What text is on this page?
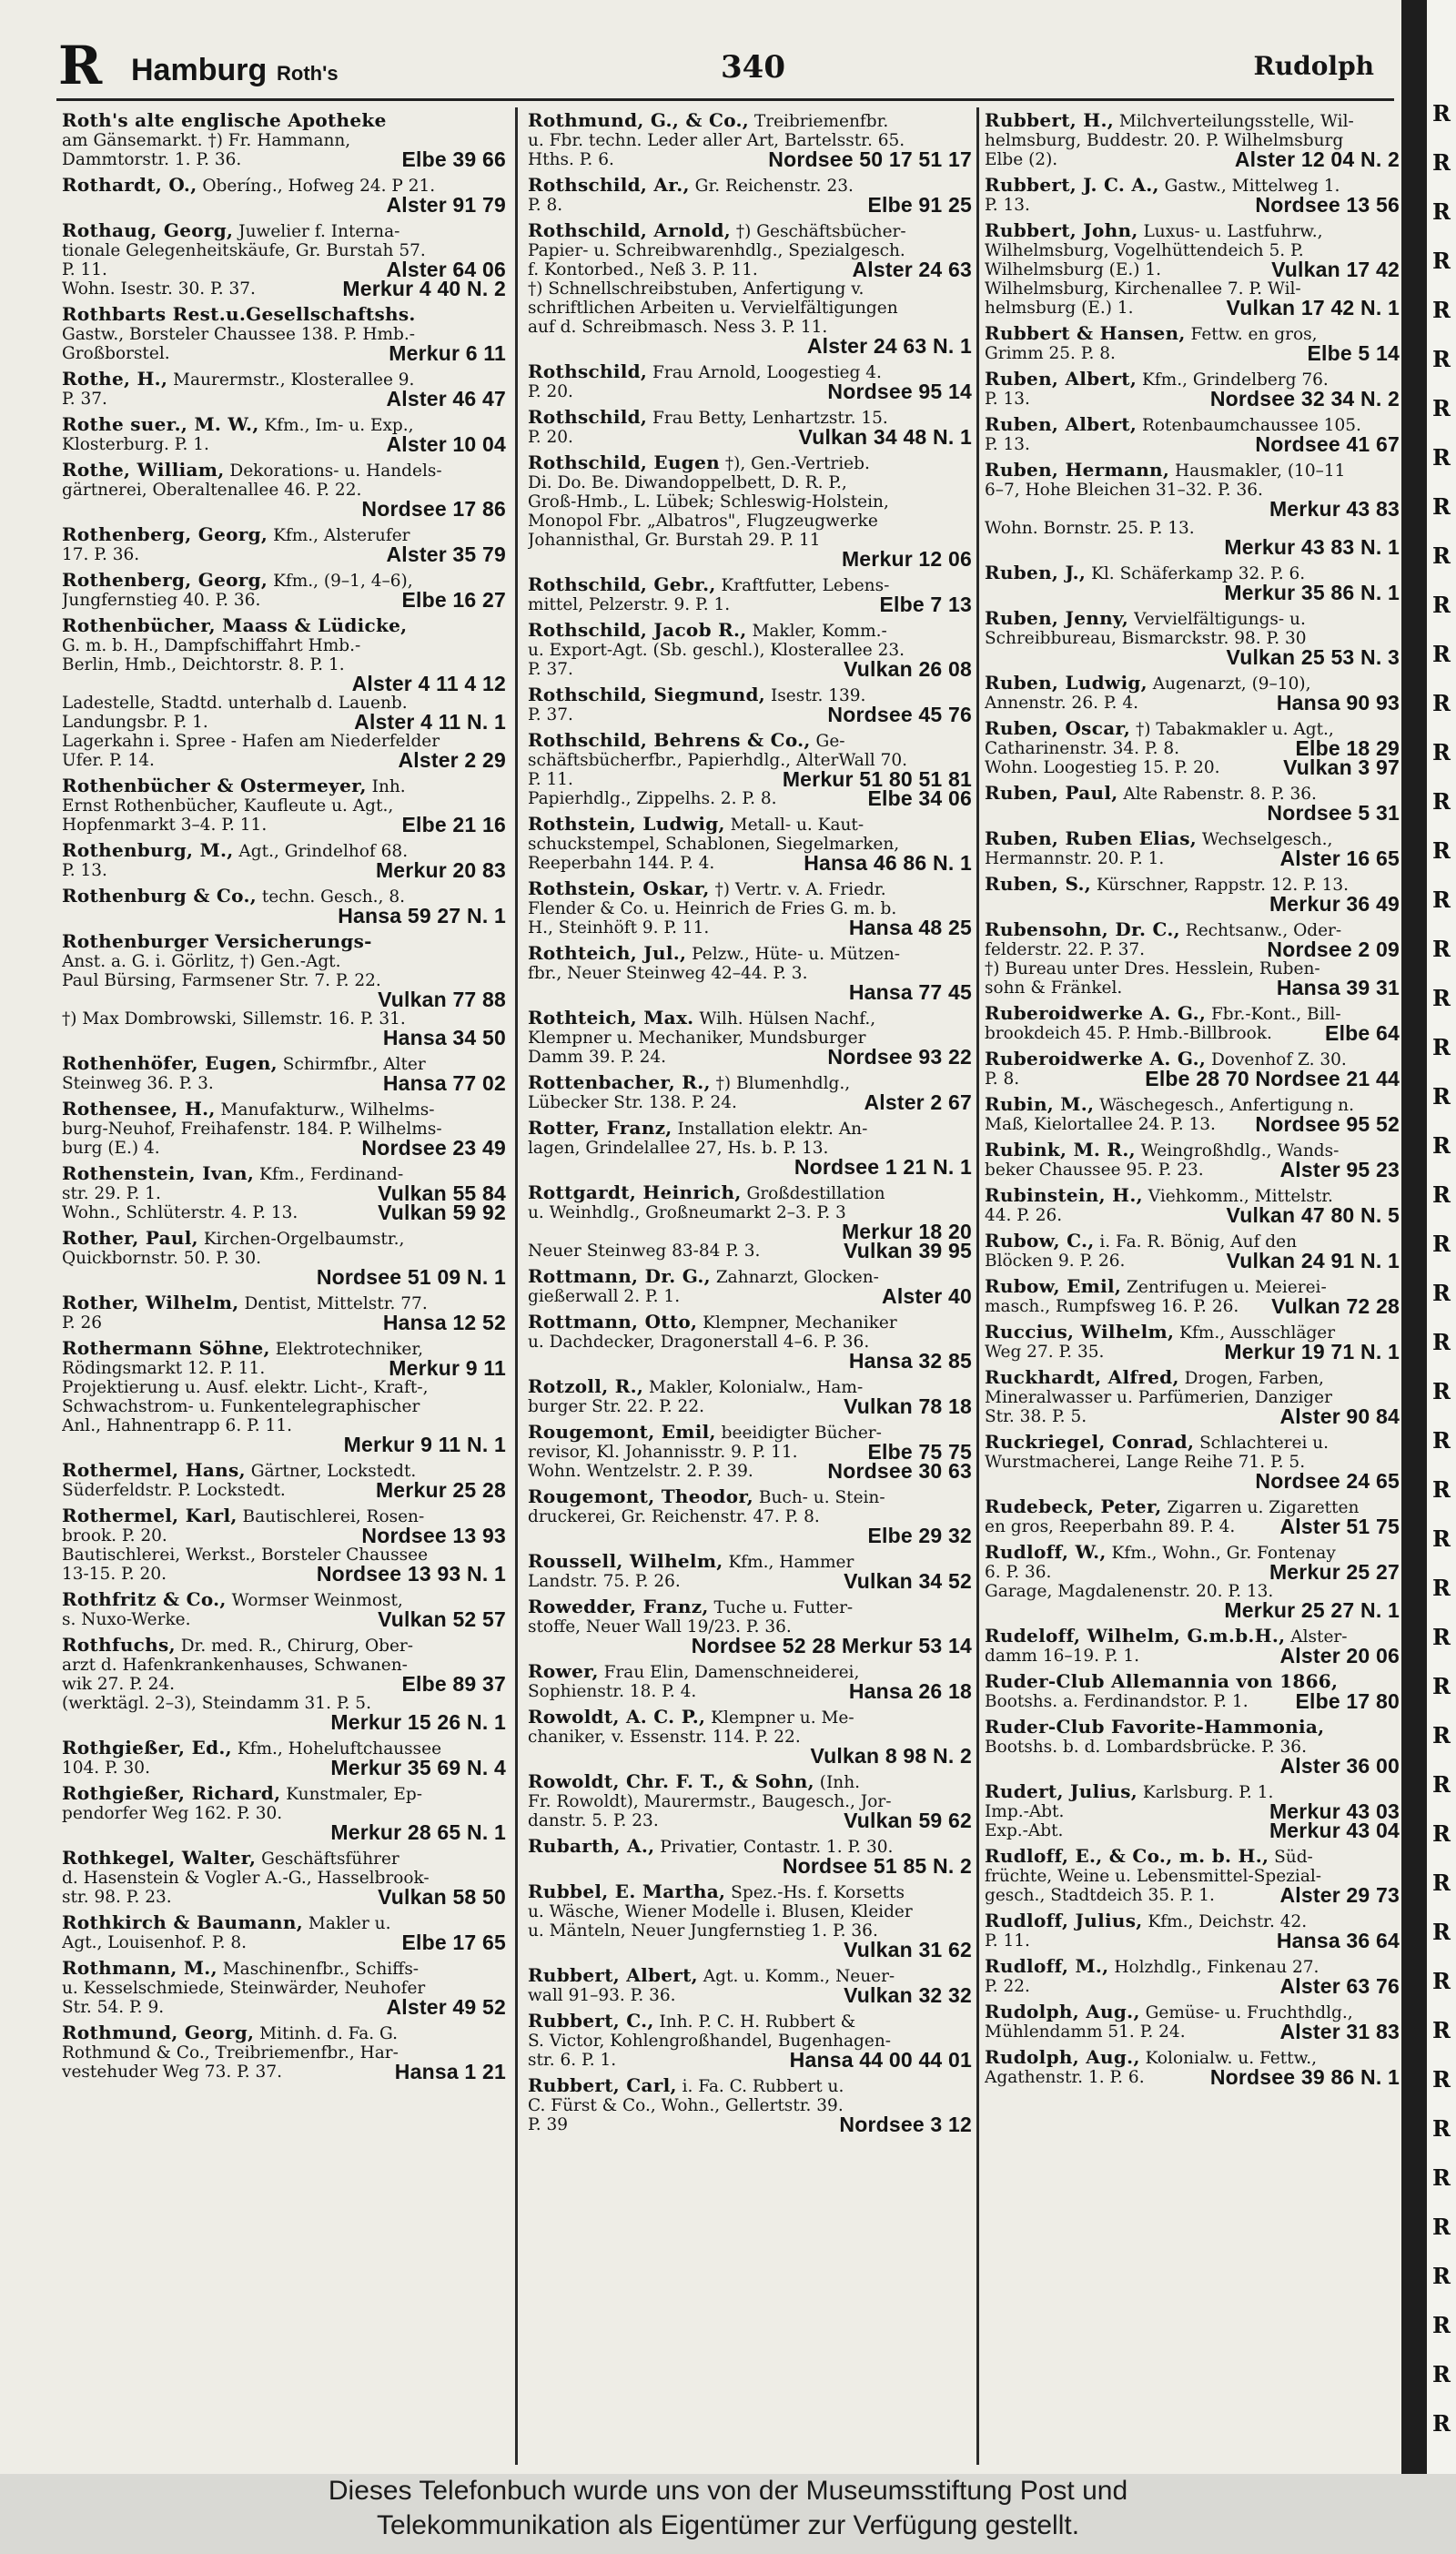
R Hamburg Roth's	340	Rudolph
Roth's alte englische Apotheke
am Gänsemarkt. †) Fr. Hammann,
Elbe 39 66
Dammtorstr. 1. P. 36.
Rothardt, O., Oberíng., Hofweg 24. P 21.
Alster 91 79
Rothaug, Georg, Juwelier f. Interna-
tionale Gelegenheitskäufe, Gr. Burstah 57.
Alster 64 06
P. 11.
Merkur 4 40 N. 2
Wohn. Isestr. 30. P. 37.
Rothbarts Rest.u.Gesellschaftshs.
Gastw., Borsteler Chaussee 138. P. Hmb.-
Merkur 6 11
Großborstel.
Rothe, H., Maurermstr., Klosterallee 9.
Alster 46 47
P. 37.
Rothe suer., M. W., Kfm., Im- u. Exp.,
Alster 10 04
Klosterburg. P. 1.
Rothe, William, Dekorations- u. Handels-
gärtnerei, Oberaltenallee 46. P. 22.
Nordsee 17 86
Rothenberg, Georg, Kfm., Alsterufer
Alster 35 79
17. P. 36.
Rothenberg, Georg, Kfm., (9–1, 4–6),
Elbe 16 27
Jungfernstieg 40. P. 36.
Rothenbücher, Maass & Lüdicke,
G. m. b. H., Dampfschiffahrt Hmb.-
Berlin, Hmb., Deichtorstr. 8. P. 1.
Alster 4 11 4 12
Ladestelle, Stadtd. unterhalb d. Lauenb.
Alster 4 11 N. 1
Landungsbr. P. 1.
Lagerkahn i. Spree - Hafen am Niederfelder
Alster 2 29
Ufer. P. 14.
Rothenbücher & Ostermeyer, Inh.
Ernst Rothenbücher, Kaufleute u. Agt.,
Elbe 21 16
Hopfenmarkt 3–4. P. 11.
Rothenburg, M., Agt., Grindelhof 68.
Merkur 20 83
P. 13.
Rothenburg & Co., techn. Gesch., 8.
Hansa 59 27 N. 1
Rothenburger Versicherungs-
Anst. a. G. i. Görlitz, †) Gen.-Agt.
Paul Bürsing, Farmsener Str. 7. P. 22.
Vulkan 77 88
†) Max Dombrowski, Sillemstr. 16. P. 31.
Hansa 34 50
Rothenhöfer, Eugen, Schirmfbr., Alter
Hansa 77 02
Steinweg 36. P. 3.
Rothensee, H., Manufakturw., Wilhelms-
burg-Neuhof, Freihafenstr. 184. P. Wilhelms-
Nordsee 23 49
burg (E.) 4.
Rothenstein, Ivan, Kfm., Ferdinand-
Vulkan 55 84
str. 29. P. 1.
Vulkan 59 92
Wohn., Schlüterstr. 4. P. 13.
Rother, Paul, Kirchen-Orgelbaumstr.,
Quickbornstr. 50. P. 30.
Nordsee 51 09 N. 1
Rother, Wilhelm, Dentist, Mittelstr. 77.
Hansa 12 52
P. 26
Rothermann Söhne, Elektrotechniker,
Merkur 9 11
Rödingsmarkt 12. P. 11.
Projektierung u. Ausf. elektr. Licht-, Kraft-,
Schwachstrom- u. Funkentelegraphischer
Anl., Hahnentrapp 6. P. 11.
Merkur 9 11 N. 1
Rothermel, Hans, Gärtner, Lockstedt.
Merkur 25 28
Süderfeldstr. P. Lockstedt.
Rothermel, Karl, Bautischlerei, Rosen-
Nordsee 13 93
brook. P. 20.
Bautischlerei, Werkst., Borsteler Chaussee
Nordsee 13 93 N. 1
13-15. P. 20.
Rothfritz & Co., Wormser Weinmost,
Vulkan 52 57
s. Nuxo-Werke.
Rothfuchs, Dr. med. R., Chirurg, Ober-
arzt d. Hafenkrankenhauses, Schwanen-
Elbe 89 37
wik 27. P. 24.
(werktägl. 2–3), Steindamm 31. P. 5.
Merkur 15 26 N. 1
Rothgießer, Ed., Kfm., Hoheluftchaussee
Merkur 35 69 N. 4
104. P. 30.
Rothgießer, Richard, Kunstmaler, Ep-
pendorfer Weg 162. P. 30.
Merkur 28 65 N. 1
Rothkegel, Walter, Geschäftsführer
d. Hasenstein & Vogler A.-G., Hasselbrook-
Vulkan 58 50
str. 98. P. 23.
Rothkirch & Baumann, Makler u.
Elbe 17 65
Agt., Louisenhof. P. 8.
Rothmann, M., Maschinenfbr., Schiffs-
u. Kesselschmiede, Steinwärder, Neuhofer
Alster 49 52
Str. 54. P. 9.
Rothmund, Georg, Mitinh. d. Fa. G.
Rothmund & Co., Treibriemenfbr., Har-
Hansa 1 21
vestehuder Weg 73. P. 37.
Rothmund, G., & Co., Treibriemenfbr.
u. Fbr. techn. Leder aller Art, Bartelsstr. 65.
Nordsee 50 17 51 17
Hths. P. 6.
Rothschild, Ar., Gr. Reichenstr. 23.
Elbe 91 25
P. 8.
Rothschild, Arnold, †) Geschäftsbücher-
Papier- u. Schreibwarenhdlg., Spezialgesch.
Alster 24 63
f. Kontorbed., Neß 3. P. 11.
†) Schnellschreibstuben, Anfertigung v.
schriftlichen Arbeiten u. Vervielfältigungen
auf d. Schreibmasch. Ness 3. P. 11.
Alster 24 63 N. 1
Rothschild, Frau Arnold, Loogestieg 4.
Nordsee 95 14
P. 20.
Rothschild, Frau Betty, Lenhartzstr. 15.
Vulkan 34 48 N. 1
P. 20.
Rothschild, Eugen †), Gen.-Vertrieb.
Di. Do. Be. Diwandoppelbett, D. R. P.,
Groß-Hmb., L. Lübek; Schleswig-Holstein,
Monopol Fbr. „Albatros", Flugzeugwerke
Johannisthal, Gr. Burstah 29. P. 11
Merkur 12 06
Rothschild, Gebr., Kraftfutter, Lebens-
Elbe 7 13
mittel, Pelzerstr. 9. P. 1.
Rothschild, Jacob R., Makler, Komm.-
u. Export-Agt. (Sb. geschl.), Klosterallee 23.
Vulkan 26 08
P. 37.
Rothschild, Siegmund, Isestr. 139.
Nordsee 45 76
P. 37.
Rothschild, Behrens & Co., Ge-
schäftsbücherfbr., Papierhdlg., AlterWall 70.
Merkur 51 80 51 81
P. 11.
Elbe 34 06
Papierhdlg., Zippelhs. 2. P. 8.
Rothstein, Ludwig, Metall- u. Kaut-
schuckstempel, Schablonen, Siegelmarken,
Hansa 46 86 N. 1
Reeperbahn 144. P. 4.
Rothstein, Oskar, †) Vertr. v. A. Friedr.
Flender & Co. u. Heinrich de Fries G. m. b.
Hansa 48 25
H., Steinhöft 9. P. 11.
Rothteich, Jul., Pelzw., Hüte- u. Mützen-
fbr., Neuer Steinweg 42–44. P. 3.
Hansa 77 45
Rothteich, Max. Wilh. Hülsen Nachf.,
Klempner u. Mechaniker, Mundsburger
Nordsee 93 22
Damm 39. P. 24.
Rottenbacher, R., †) Blumenhdlg.,
Alster 2 67
Lübecker Str. 138. P. 24.
Rotter, Franz, Installation elektr. An-
lagen, Grindelallee 27, Hs. b. P. 13.
Nordsee 1 21 N. 1
Rottgardt, Heinrich, Großdestillation
u. Weinhdlg., Großneumarkt 2–3. P. 3
Merkur 18 20
Vulkan 39 95
Neuer Steinweg 83-84 P. 3.
Rottmann, Dr. G., Zahnarzt, Glocken-
Alster 40
gießerwall 2. P. 1.
Rottmann, Otto, Klempner, Mechaniker
u. Dachdecker, Dragonerstall 4–6. P. 36.
Hansa 32 85
Rotzoll, R., Makler, Kolonialw., Ham-
Vulkan 78 18
burger Str. 22. P. 22.
Rougemont, Emil, beeidigter Bücher-
Elbe 75 75
revisor, Kl. Johannisstr. 9. P. 11.
Nordsee 30 63
Wohn. Wentzelstr. 2. P. 39.
Rougemont, Theodor, Buch- u. Stein-
druckerei, Gr. Reichenstr. 47. P. 8.
Elbe 29 32
Roussell, Wilhelm, Kfm., Hammer
Vulkan 34 52
Landstr. 75. P. 26.
Rowedder, Franz, Tuche u. Futter-
stoffe, Neuer Wall 19/23. P. 36.
Nordsee 52 28 Merkur 53 14
Rower, Frau Elin, Damenschneiderei,
Hansa 26 18
Sophienstr. 18. P. 4.
Rowoldt, A. C. P., Klempner u. Me-
chaniker, v. Essenstr. 114. P. 22.
Vulkan 8 98 N. 2
Rowoldt, Chr. F. T., & Sohn, (Inh.
Fr. Rowoldt), Maurermstr., Baugesch., Jor-
Vulkan 59 62
danstr. 5. P. 23.
Rubarth, A., Privatier, Contastr. 1. P. 30.
Nordsee 51 85 N. 2
Rubbel, E. Martha, Spez.-Hs. f. Korsetts
u. Wäsche, Wiener Modelle i. Blusen, Kleider
u. Mänteln, Neuer Jungfernstieg 1. P. 36.
Vulkan 31 62
Rubbert, Albert, Agt. u. Komm., Neuer-
Vulkan 32 32
wall 91–93. P. 36.
Rubbert, C., Inh. P. C. H. Rubbert &
S. Victor, Kohlengroßhandel, Bugenhagen-
Hansa 44 00 44 01
str. 6. P. 1.
Rubbert, Carl, i. Fa. C. Rubbert u.
C. Fürst & Co., Wohn., Gellertstr. 39.
Nordsee 3 12
P. 39
Rubbert, H., Milchverteilungsstelle, Wil-
helmsburg, Buddestr. 20. P. Wilhelmsburg
Alster 12 04 N. 2
Elbe (2).
Rubbert, J. C. A., Gastw., Mittelweg 1.
Nordsee 13 56
P. 13.
Rubbert, John, Luxus- u. Lastfuhrw.,
Wilhelmsburg, Vogelhüttendeich 5. P.
Vulkan 17 42
Wilhelmsburg (E.) 1.
Wilhelmsburg, Kirchenallee 7. P. Wil-
Vulkan 17 42 N. 1
helmsburg (E.) 1.
Rubbert & Hansen, Fettw. en gros,
Elbe 5 14
Grimm 25. P. 8.
Ruben, Albert, Kfm., Grindelberg 76.
Nordsee 32 34 N. 2
P. 13.
Ruben, Albert, Rotenbaumchaussee 105.
Nordsee 41 67
P. 13.
Ruben, Hermann, Hausmakler, (10–11
6–7, Hohe Bleichen 31–32. P. 36.
Merkur 43 83
Wohn. Bornstr. 25. P. 13.
Merkur 43 83 N. 1
Ruben, J., Kl. Schäferkamp 32. P. 6.
Merkur 35 86 N. 1
Ruben, Jenny, Vervielfältigungs- u.
Schreibbureau, Bismarckstr. 98. P. 30
Vulkan 25 53 N. 3
Ruben, Ludwig, Augenarzt, (9–10),
Hansa 90 93
Annenstr. 26. P. 4.
Ruben, Oscar, †) Tabakmakler u. Agt.,
Elbe 18 29
Catharinenstr. 34. P. 8.
Vulkan 3 97
Wohn. Loogestieg 15. P. 20.
Ruben, Paul, Alte Rabenstr. 8. P. 36.
Nordsee 5 31
Ruben, Ruben Elias, Wechselgesch.,
Alster 16 65
Hermannstr. 20. P. 1.
Ruben, S., Kürschner, Rappstr. 12. P. 13.
Merkur 36 49
Rubensohn, Dr. C., Rechtsanw., Oder-
Nordsee 2 09
felderstr. 22. P. 37.
†) Bureau unter Dres. Hesslein, Ruben-
Hansa 39 31
sohn & Fränkel.
Ruberoidwerke A. G., Fbr.-Kont., Bill-
Elbe 64
brookdeich 45. P. Hmb.-Billbrook.
Ruberoidwerke A. G., Dovenhof Z. 30.
Elbe 28 70 Nordsee 21 44
P. 8.
Rubin, M., Wäschegesch., Anfertigung n.
Nordsee 95 52
Maß, Kielortallee 24. P. 13.
Rubink, M. R., Weingroßhdlg., Wands-
Alster 95 23
beker Chaussee 95. P. 23.
Rubinstein, H., Viehkomm., Mittelstr.
Vulkan 47 80 N. 5
44. P. 26.
Rubow, C., i. Fa. R. Bönig, Auf den
Vulkan 24 91 N. 1
Blöcken 9. P. 26.
Rubow, Emil, Zentrifugen u. Meierei-
Vulkan 72 28
masch., Rumpfsweg 16. P. 26.
Ruccius, Wilhelm, Kfm., Ausschläger
Merkur 19 71 N. 1
Weg 27. P. 35.
Ruckhardt, Alfred, Drogen, Farben,
Mineralwasser u. Parfümerien, Danziger
Alster 90 84
Str. 38. P. 5.
Ruckriegel, Conrad, Schlachterei u.
Wurstmacherei, Lange Reihe 71. P. 5.
Nordsee 24 65
Rudebeck, Peter, Zigarren u. Zigaretten
Alster 51 75
en gros, Reeperbahn 89. P. 4.
Rudloff, W., Kfm., Wohn., Gr. Fontenay
Merkur 25 27
6. P. 36.
Garage, Magdalenenstr. 20. P. 13.
Merkur 25 27 N. 1
Rudeloff, Wilhelm, G.m.b.H., Alster-
Alster 20 06
damm 16–19. P. 1.
Ruder-Club Allemannia von 1866,
Elbe 17 80
Bootshs. a. Ferdinandstor. P. 1.
Ruder-Club Favorite-Hammonia,
Bootshs. b. d. Lombardsbrücke. P. 36.
Alster 36 00
Rudert, Julius, Karlsburg. P. 1.
Merkur 43 03
Imp.-Abt.
Merkur 43 04
Exp.-Abt.
Rudloff, E., & Co., m. b. H., Süd-
früchte, Weine u. Lebensmittel-Spezial-
Alster 29 73
gesch., Stadtdeich 35. P. 1.
Rudloff, Julius, Kfm., Deichstr. 42.
Hansa 36 64
P. 11.
Rudloff, M., Holzhdlg., Finkenau 27.
Alster 63 76
P. 22.
Rudolph, Aug., Gemüse- u. Fruchthdlg.,
Alster 31 83
Mühlendamm 51. P. 24.
Rudolph, Aug., Kolonialw. u. Fettw.,
Nordsee 39 86 N. 1
Agathenstr. 1. P. 6.
R
R
R
R
R
R
R
R
R
R
R
R
R
R
R
R
R
R
R
R
R
R
R
R
R
R
R
R
R
R
R
R
R
R
R
R
R
R
R
R
R
R
R
R
R
R
R
R
Dieses Telefonbuch wurde uns von der Museumsstiftung Post und
Telekommunikation als Eigentümer zur Verfügung gestellt.
